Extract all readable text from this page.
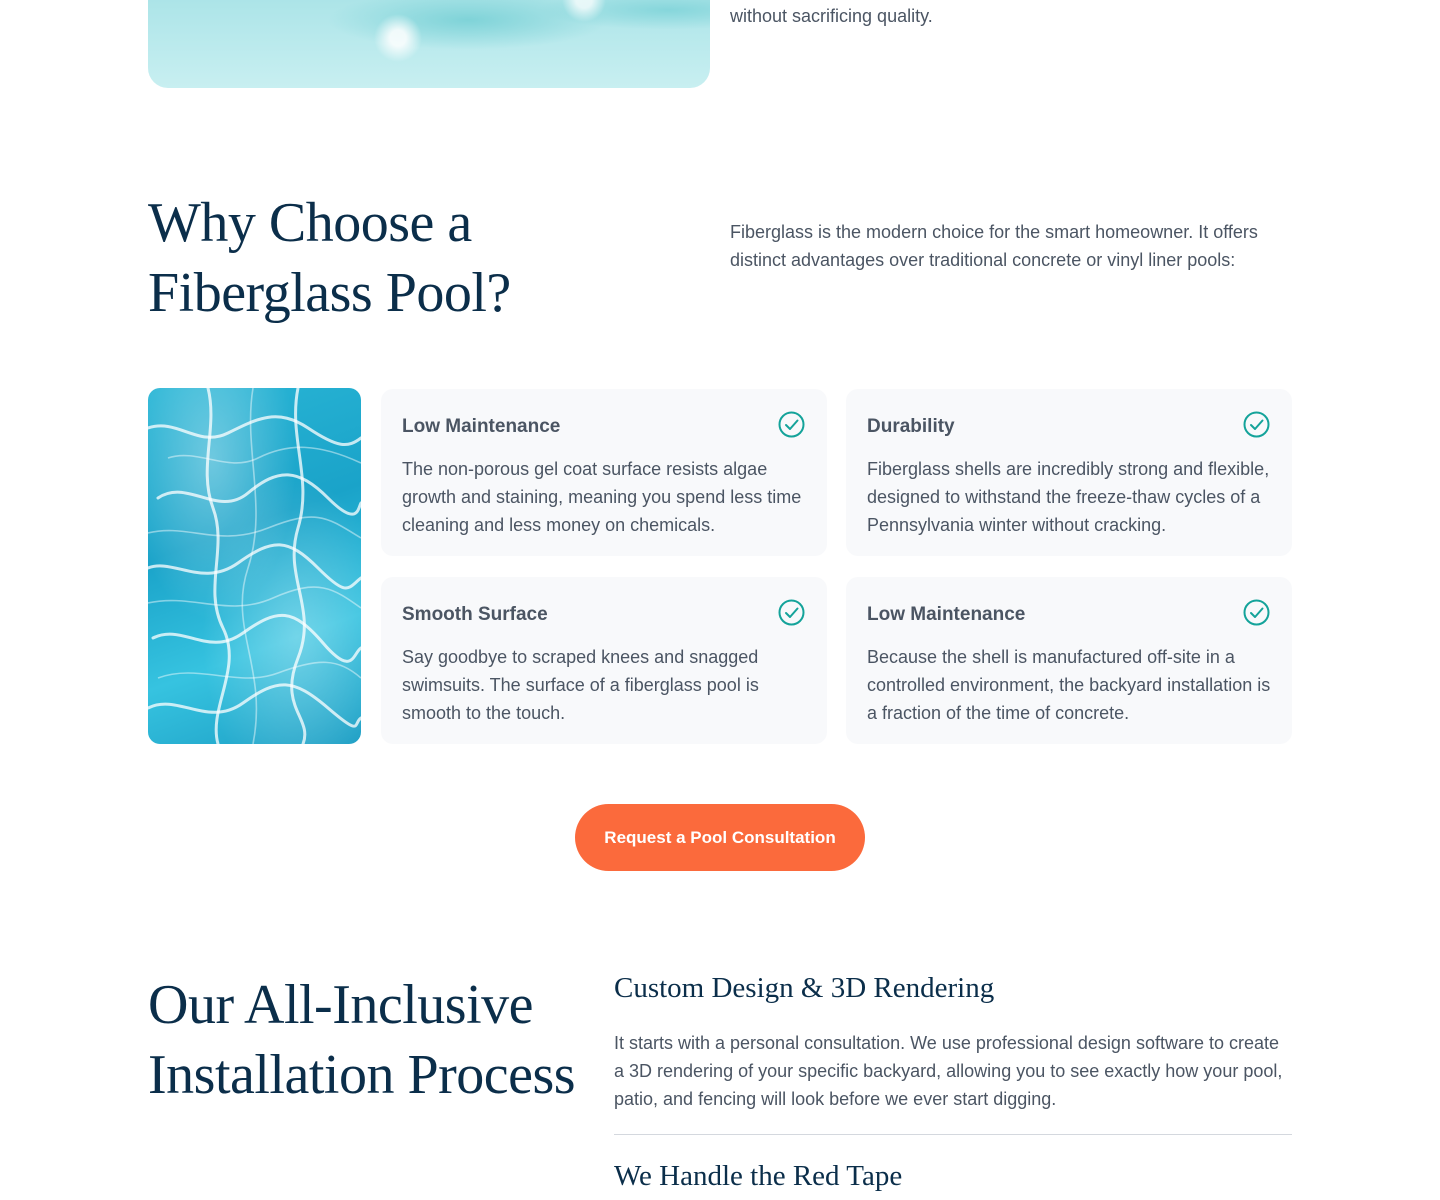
without sacrificing quality.

Why Choose a Fiberglass Pool?

Fiberglass is the modern choice for the smart homeowner. It offers distinct advantages over traditional concrete or vinyl liner pools:

Low Maintenance

The non-porous gel coat surface resists algae growth and staining, meaning you spend less time cleaning and less money on chemicals.

Durability

Fiberglass shells are incredibly strong and flexible, designed to withstand the freeze-thaw cycles of a Pennsylvania winter without cracking.

Smooth Surface

Say goodbye to scraped knees and snagged swimsuits. The surface of a fiberglass pool is smooth to the touch.

Low Maintenance

Because the shell is manufactured off-site in a controlled environment, the backyard installation is a fraction of the time of concrete.

Request a Pool Consultation
Our All-Inclusive Installation Process
Custom Design & 3D Rendering

It starts with a personal consultation. We use professional design software to create a 3D rendering of your specific backyard, allowing you to see exactly how your pool, patio, and fencing will look before we ever start digging.

We Handle the Red Tape
